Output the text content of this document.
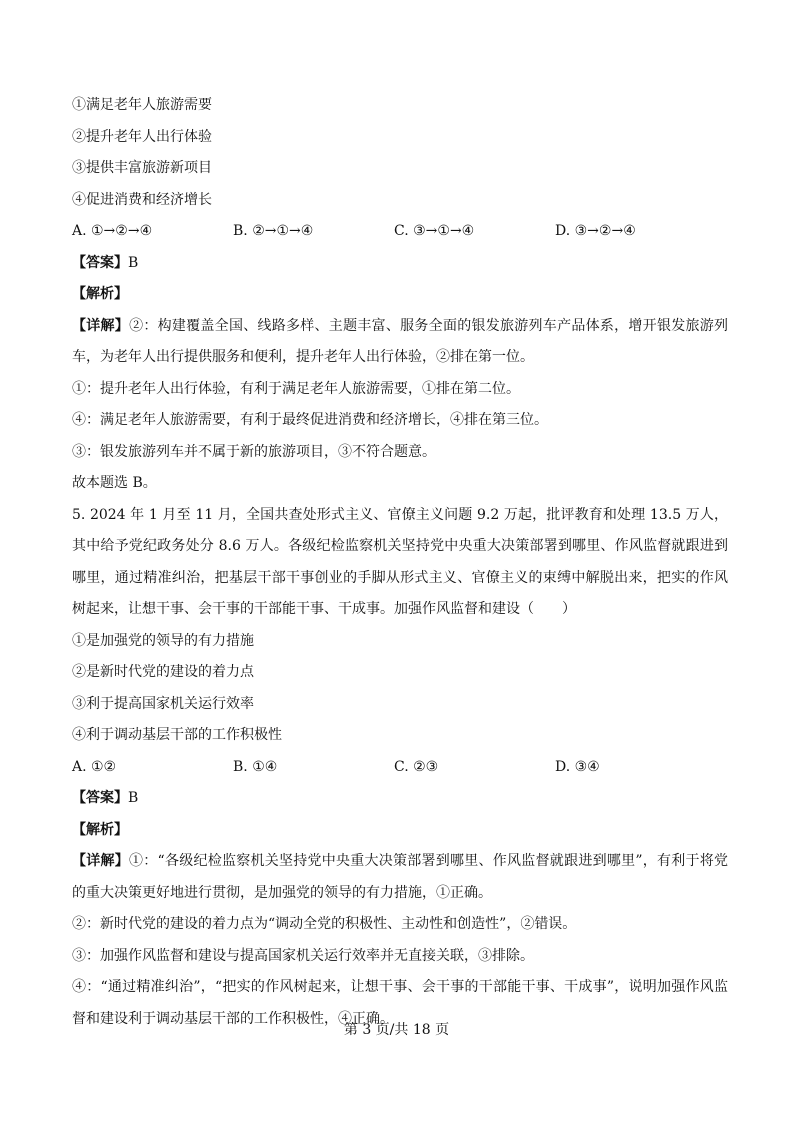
①满足老年人旅游需要
②提升老年人出行体验
③提供丰富旅游新项目
④促进消费和经济增长
A. ①→②→④	B. ②→①→④	C. ③→①→④	D. ③→②→④
【答案】B
【解析】
【详解】②：构建覆盖全国、线路多样、主题丰富、服务全面的银发旅游列车产品体系，增开银发旅游列车，为老年人出行提供服务和便利，提升老年人出行体验，②排在第一位。
①：提升老年人出行体验，有利于满足老年人旅游需要，①排在第二位。
④：满足老年人旅游需要，有利于最终促进消费和经济增长，④排在第三位。
③：银发旅游列车并不属于新的旅游项目，③不符合题意。
故本题选 B。
5. 2024 年 1 月至 11 月，全国共查处形式主义、官僚主义问题 9.2 万起，批评教育和处理 13.5 万人，其中给予党纪政务处分 8.6 万人。各级纪检监察机关坚持党中央重大决策部署到哪里、作风监督就跟进到哪里，通过精准纠治，把基层干部干事创业的手脚从形式主义、官僚主义的束缚中解脱出来，把实的作风树起来，让想干事、会干事的干部能干事、干成事。加强作风监督和建设（　　）
①是加强党的领导的有力措施
②是新时代党的建设的着力点
③利于提高国家机关运行效率
④利于调动基层干部的工作积极性
A. ①②	B. ①④	C. ②③	D. ③④
【答案】B
【解析】
【详解】①：“各级纪检监察机关坚持党中央重大决策部署到哪里、作风监督就跟进到哪里”，有利于将党的重大决策更好地进行贯彻，是加强党的领导的有力措施，①正确。
②：新时代党的建设的着力点为“调动全党的积极性、主动性和创造性”，②错误。
③：加强作风监督和建设与提高国家机关运行效率并无直接关联，③排除。
④：“通过精准纠治”，“把实的作风树起来，让想干事、会干事的干部能干事、干成事”，说明加强作风监督和建设利于调动基层干部的工作积极性，④正确。
第 3 页/共 18 页
